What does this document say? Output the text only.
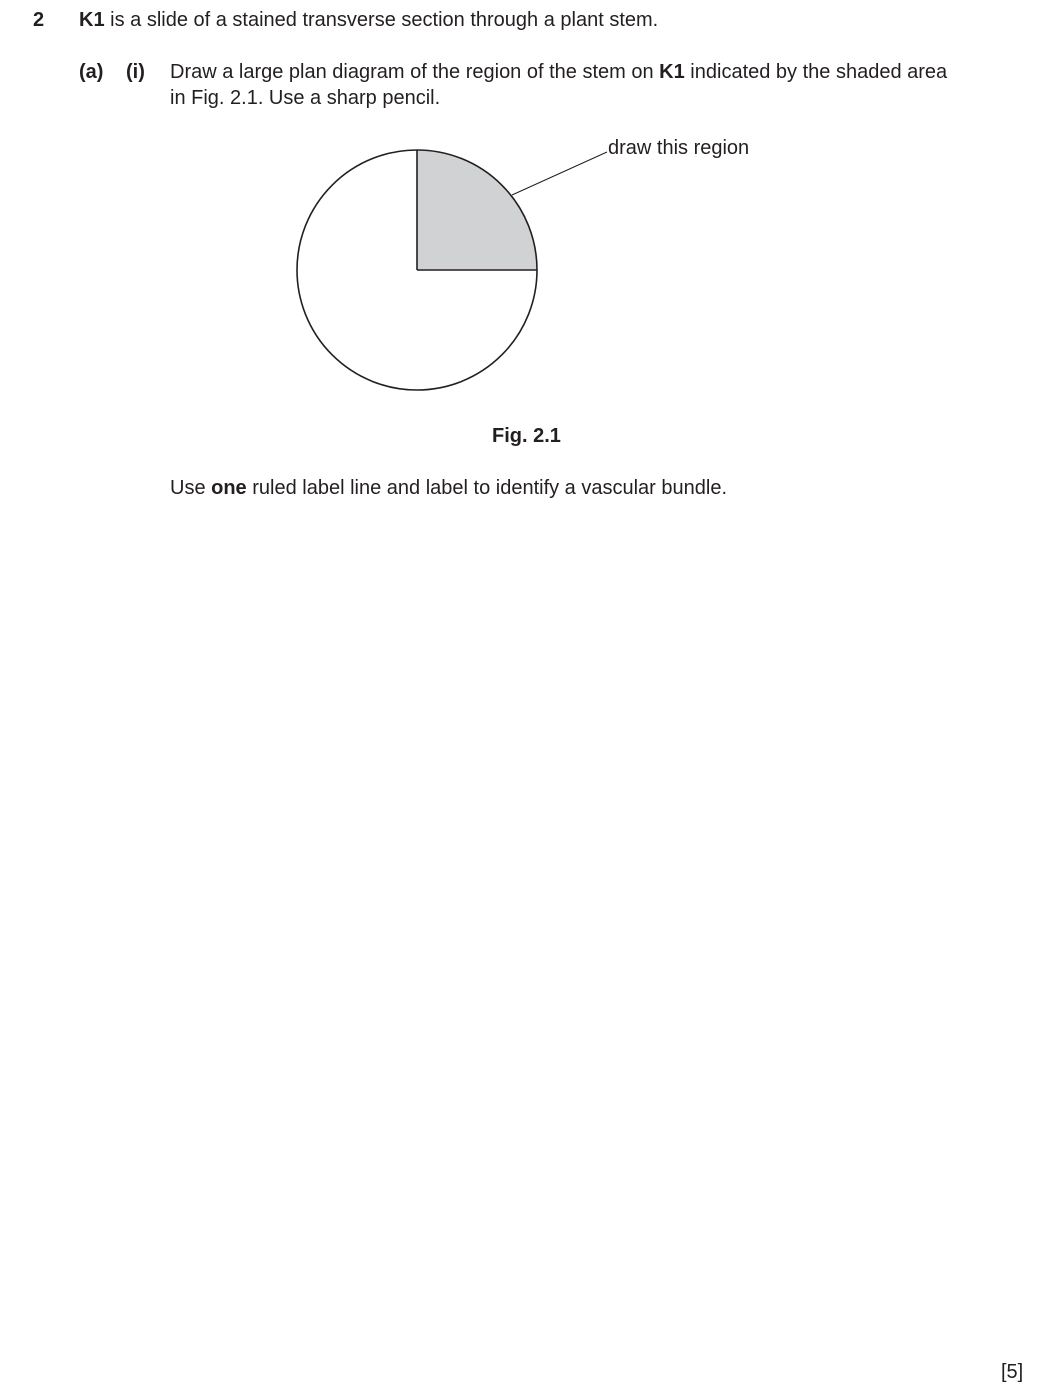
2 K1 is a slide of a stained transverse section through a plant stem.
(a) (i) Draw a large plan diagram of the region of the stem on K1 indicated by the shaded area
in Fig. 2.1. Use a sharp pencil.
draw this region
Fig. 2.1
Use one ruled label line and label to identify a vascular bundle.
[5]
